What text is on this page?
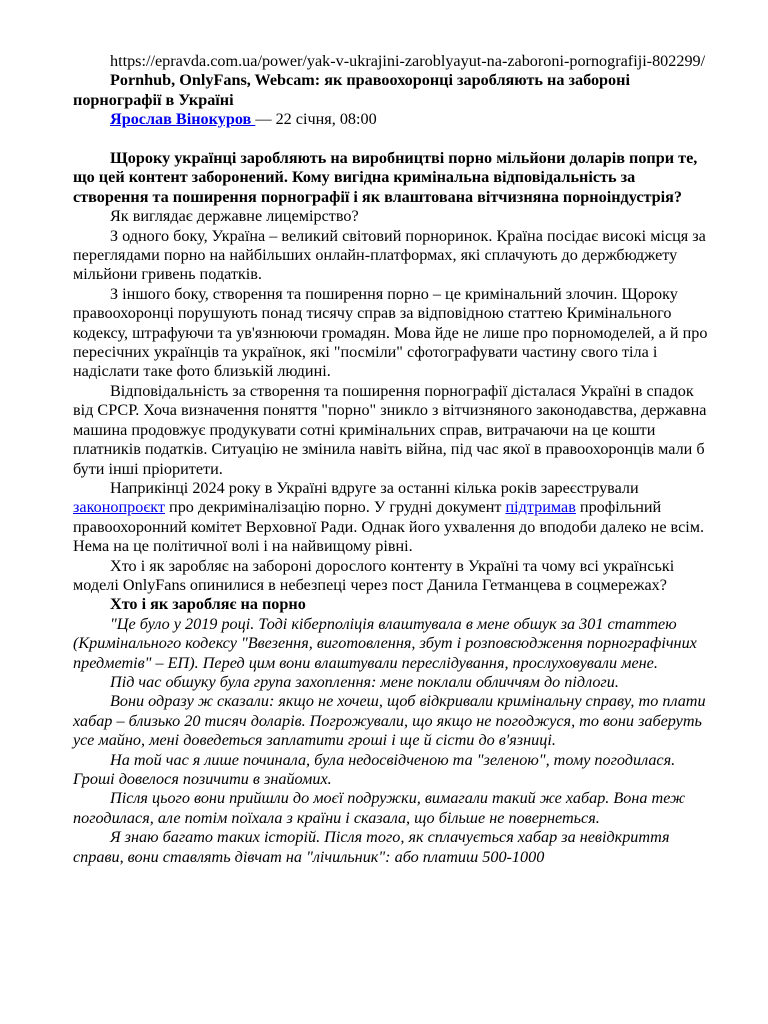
https://epravda.com.ua/power/yak-v-ukrajini-zaroblyayut-na-zaboroni-pornografiji-802299/

Pornhub, OnlyFans, Webcam: як правоохоронці заробляють на забороні порнографії в Україні

Ярослав Вінокуров — 22 січня, 08:00

Щороку українці заробляють на виробництві порно мільйони доларів попри те, що цей контент заборонений. Кому вигідна кримінальна відповідальність за створення та поширення порнографії і як влаштована вітчизняна порноіндустрія?

Як виглядає державне лицемірство?

З одного боку, Україна – великий світовий порноринок. Країна посідає високі місця за переглядами порно на найбільших онлайн-платформах, які сплачують до держбюджету мільйони гривень податків.

З іншого боку, створення та поширення порно – це кримінальний злочин. Щороку правоохоронці порушують понад тисячу справ за відповідною статтею Кримінального кодексу, штрафуючи та ув'язнюючи громадян. Мова йде не лише про порномоделей, а й про пересічних українців та українок, які "посміли" сфотографувати частину свого тіла і надіслати таке фото близькій людині.

Відповідальність за створення та поширення порнографії дісталася Україні в спадок від СРСР. Хоча визначення поняття "порно" зникло з вітчизняного законодавства, державна машина продовжує продукувати сотні кримінальних справ, витрачаючи на це кошти платників податків. Ситуацію не змінила навіть війна, під час якої в правоохоронців мали б бути інші пріоритети.

Наприкінці 2024 року в Україні вдруге за останні кілька років зареєстрували законопроєкт про декриміналізацію порно. У грудні документ підтримав профільний правоохоронний комітет Верховної Ради. Однак його ухвалення до вподоби далеко не всім. Нема на це політичної волі і на найвищому рівні.

Хто і як заробляє на забороні дорослого контенту в Україні та чому всі українські моделі OnlyFans опинилися в небезпеці через пост Данила Гетманцева в соцмережах?

Хто і як заробляє на порно

"Це було у 2019 році. Тоді кіберполіція влаштувала в мене обшук за 301 статтею (Кримінального кодексу "Ввезення, виготовлення, збут і розповсюдження порнографічних предметів" – ЕП). Перед цим вони влаштували переслідування, прослуховували мене.

Під час обшуку була група захоплення: мене поклали обличчям до підлоги.

Вони одразу ж сказали: якщо не хочеш, щоб відкривали кримінальну справу, то плати хабар – близько 20 тисяч доларів. Погрожували, що якщо не погоджуся, то вони заберуть усе майно, мені доведеться заплатити гроші і ще й сісти до в'язниці.

На той час я лише починала, була недосвідченою та "зеленою", тому погодилася. Гроші довелося позичити в знайомих.

Після цього вони прийшли до моєї подружки, вимагали такий же хабар. Вона теж погодилася, але потім поїхала з країни і сказала, що більше не повернеться.

Я знаю багато таких історій. Після того, як сплачується хабар за невідкриття справи, вони ставлять дівчат на "лічильник": або платиш 500-1000
